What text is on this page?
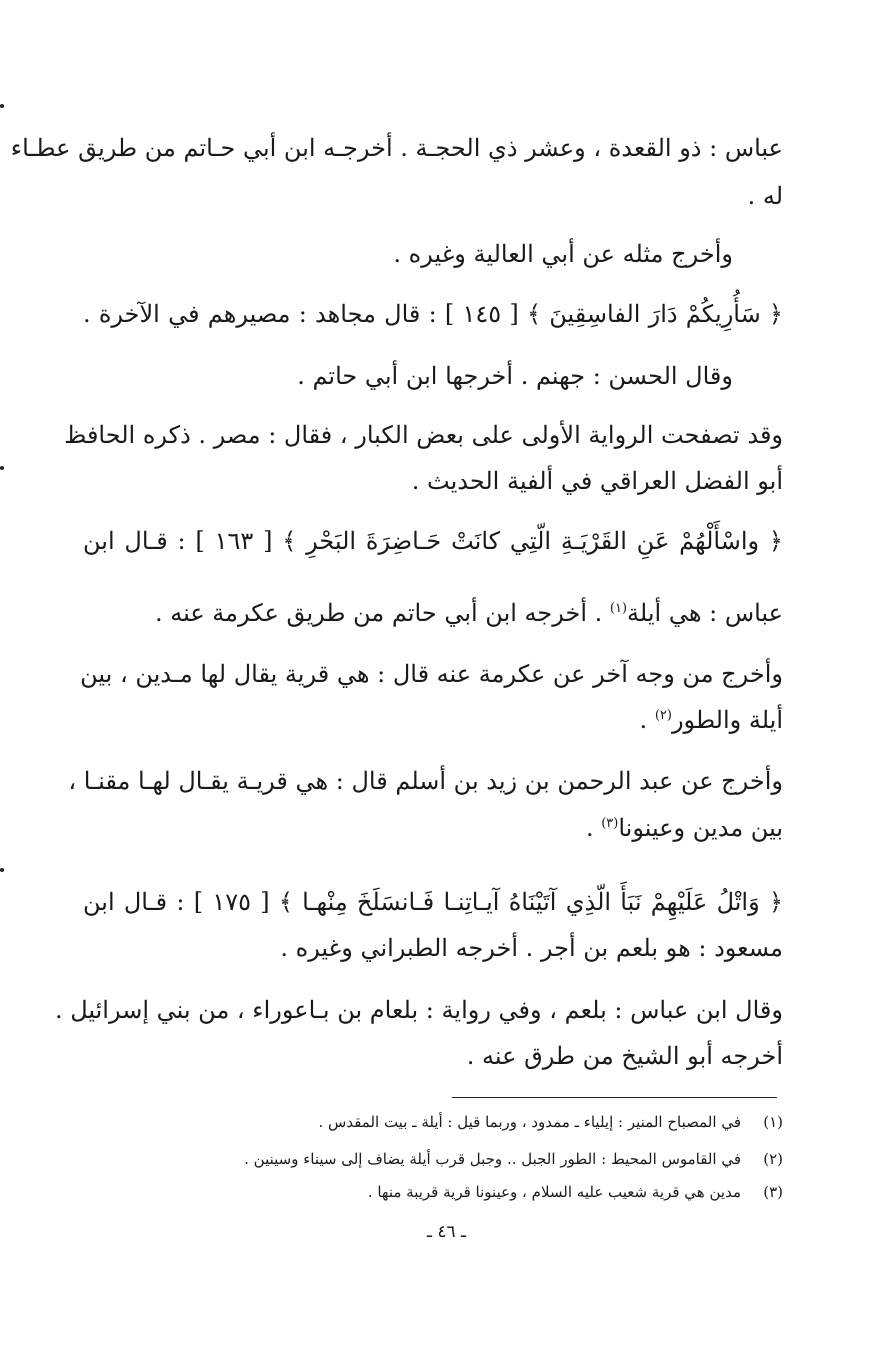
عباس : ذو القعدة ، وعشر ذي الحجـة . أخرجـه ابن أبي حـاتم من طريق عطـاء
له .
وأخرج مثله عن أبي العالية وغيره .
﴿ سَأُرِيكُمْ دَارَ الفاسِقِينَ ﴾ [ ١٤٥ ] : قال مجاهد : مصيرهم في الآخرة .
وقال الحسن : جهنم . أخرجها ابن أبي حاتم .
وقد تصفحت الرواية الأولى على بعض الكبار ، فقال : مصر . ذكره الحافظ
أبو الفضل العراقي في ألفية الحديث .
﴿ واسْأَلْهُمْ عَنِ القَرْيَـةِ الّتِي كانَتْ حَـاضِرَةَ البَحْرِ ﴾ [ ١٦٣ ] : قـال ابن
عباس : هي أيلة$^{(١)}$ . أخرجه ابن أبي حاتم من طريق عكرمة عنه .
وأخرج من وجه آخر عن عكرمة عنه قال : هي قرية يقال لها مـدين ، بين
أيلة والطور$^{(٢)}$ .
وأخرج عن عبد الرحمن بن زيد بن أسلم قال : هي قريـة يقـال لهـا مقنـا ،
بين مدين وعينونا$^{(٣)}$ .
﴿ وَاتْلُ عَلَيْهِمْ نَبَأَ الّذِي آتَيْنَاهُ آيـاتِنـا فَـانسَلَخَ مِنْهـا ﴾ [ ١٧٥ ] : قـال ابن
مسعود : هو بلعم بن أجر . أخرجه الطبراني وغيره .
وقال ابن عباس : بلعم ، وفي رواية : بلعام بن بـاعوراء ، من بني إسرائيل .
أخرجه أبو الشيخ من طرق عنه .
(١)في المصباح المنير : إيلياء ـ ممدود ، وربما قيل : أيلة ـ بيت المقدس .
(٢)في القاموس المحيط : الطور الجبل .. وجبل قرب أيلة يضاف إلى سيناء وسينين .
(٣)مدين هي قرية شعيب عليه السلام ، وعينونا قرية قريبة منها .
ـ ٤٦ ـ
